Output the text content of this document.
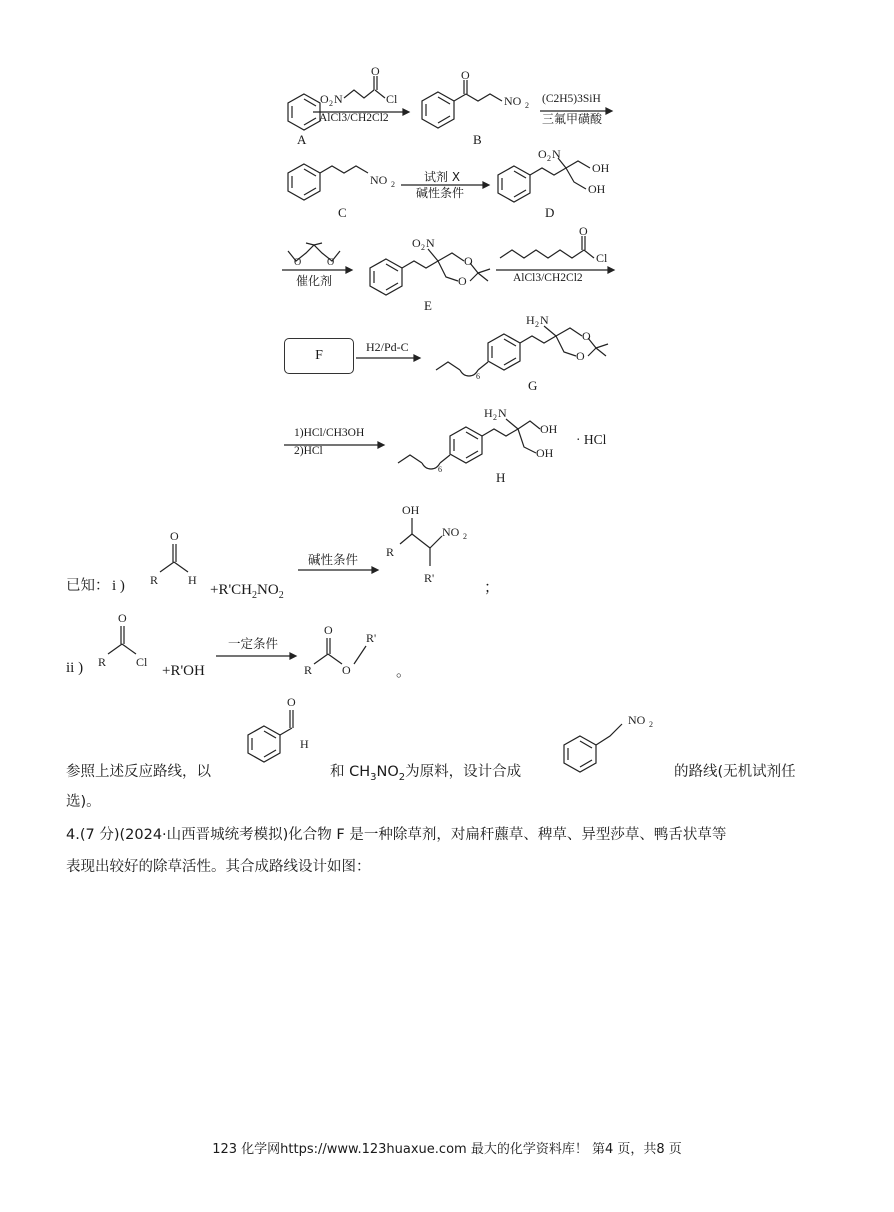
A
O 2 N
O
Cl
AlCl3/CH2Cl2
O
NO 2
B
(C2H5)3SiH
三氟甲磺酸
NO 2
C
试剂 X
碱性条件
O 2 N
OH
OH
D
O	O
催化剂
O 2 N
O
O
E
O
Cl
AlCl3/CH2Cl2
F
H2/Pd-C
6
H 2 N
O
O
G
1)HCl/CH3OH
2)HCl
6
H 2 N
OH
OH
· HCl
H
已知： i )
O
R H
$+R'CH_2NO_2$
碱性条件
OH
R
NO 2
R'
；
ii )
O
R Cl
+R'OH
一定条件
O
R O
R'
。
参照上述反应路线，以
O
H
和 $CH_3NO_2$为原料，设计合成
NO 2
的路线(无机试剂任
选)。
4.(7 分)(2024·山西晋城统考模拟)化合物 F 是一种除草剂，对扁秆藨草、稗草、异型莎草、鸭舌状草等
表现出较好的除草活性。其合成路线设计如图：
123 化学网https://www.123huaxue.com 最大的化学资料库！ 第4 页，共8 页
